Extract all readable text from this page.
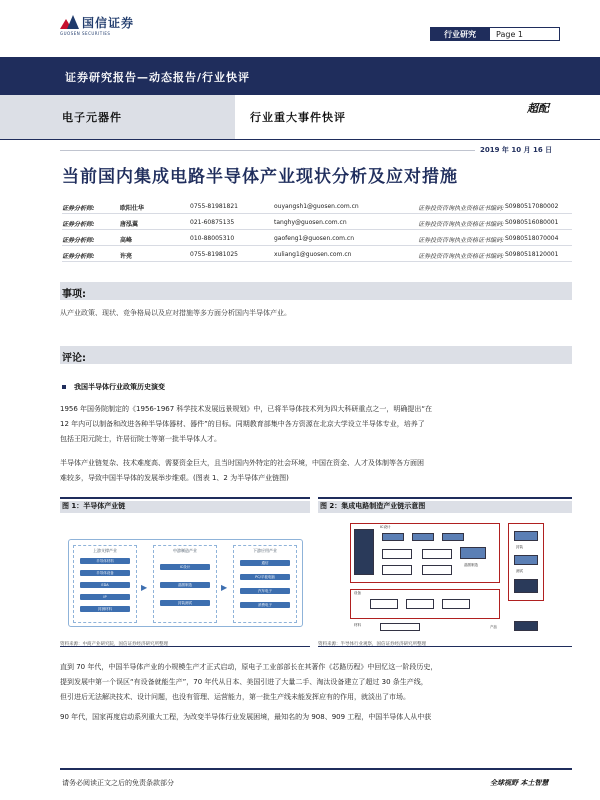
国信证券
GUOSEN SECURITIES	行业研究	Page 1
证券研究报告—动态报告/行业快评
电子元器件	行业重大事件快评
超配
2019 年 10 月 16 日
当前国内集成电路半导体产业现状分析及应对措施
证券分析师:	欧阳仕华	0755-81981821	ouyangsh1@guosen.com.cn	证券投资咨询执业资格证书编码: S0980517080002
证券分析师:	唐泓翼	021-60875135	tanghy@guosen.com.cn	证券投资咨询执业资格证书编码: S0980516080001
证券分析师:	高峰	010-88005310	gaofeng1@guosen.com.cn	证券投资咨询执业资格证书编码: S0980518070004
证券分析师:	许亮	0755-81981025	xuliang1@guosen.com.cn	证券投资咨询执业资格证书编码: S0980518120001
事项:
从产业政策、现状、竞争格局以及应对措施等多方面分析国内半导体产业。
评论:
我国半导体行业政策历史演变
1956 年国务院制定的《1956-1967 科学技术发展远景规划》中，已将半导体技术列为四大科研重点之一，明确提出“在
12 年内可以制备和改进各种半导体器材、器件”的目标。同期教育部集中各方资源在北京大学设立半导体专业，培养了
包括王阳元院士，许居衍院士等第一批半导体人才。
半导体产业链复杂、技术难度高、需要资金巨大，且当时国内外特定的社会环境，中国在资金、人才及体制等各方面困
难较多，导致中国半导体的发展举步维艰。(图表 1、2 为半导体产业链图)
图 1：半导体产业链
上游支撑产业
半导体材料
半导体设备
EDA
IP
封测材料
▶
中游制造产业
IC设计
晶圆制造
封装测试
▶
下游应用产业
通信
PC/平板电脑
汽车电子
消费电子
资料来源：中商产业研究院，国信证券经济研究所整理
图 2：集成电路制造产业链示意图
IC设计
晶圆制造
封装
测试
设备
材料	产品
资料来源：半导体行业观察，国信证券经济研究所整理
直到 70 年代，中国半导体产业的小规模生产才正式启动，原电子工业部部长在其著作《芯路历程》中回忆这一阶段历史，
提到发展中第一个误区“有设备就能生产”，70 年代从日本、美国引进了大量二手、淘汰设备建立了超过 30 条生产线，
但引进后无法解决技术、设计问题，也没有管理、运营能力，第一批生产线未能发挥应有的作用，就淡出了市场。
90 年代，国家再度启动系列重大工程，为改变半导体行业发展困境，最知名的为 908、909 工程，中国半导体人从中获
请务必阅读正文之后的免责条款部分	全球视野 本土智慧
